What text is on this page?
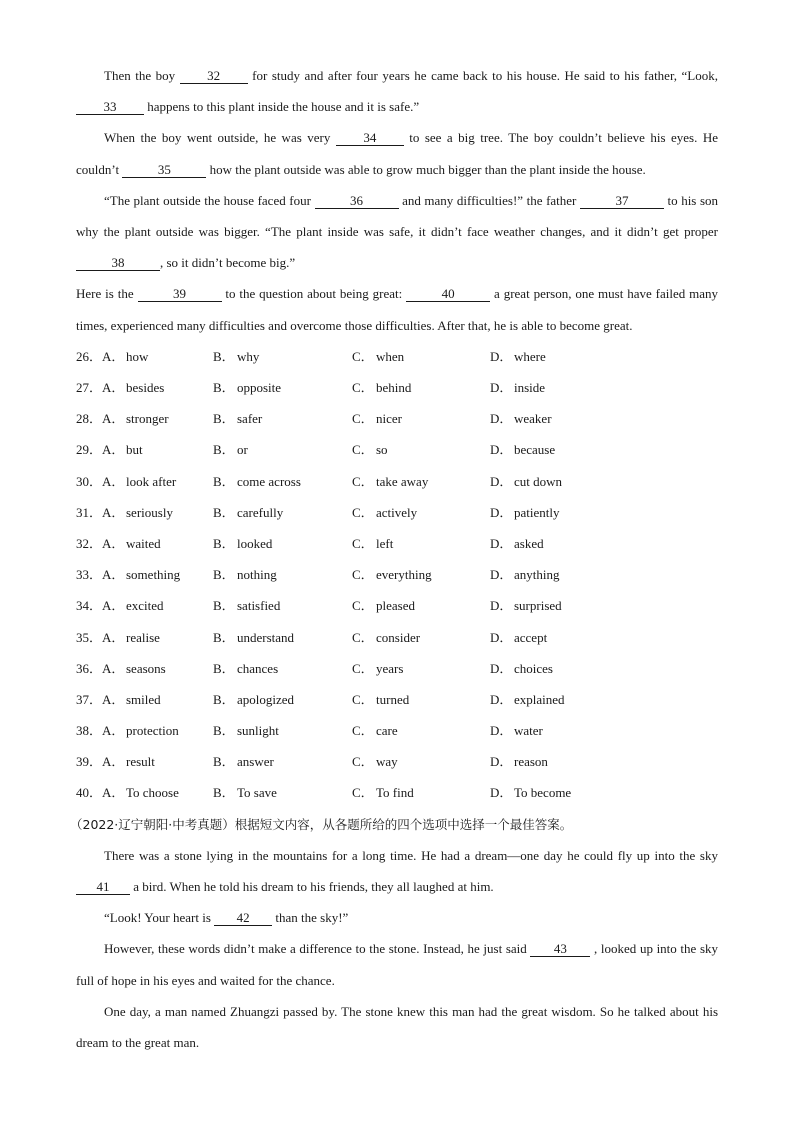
Then the boy 32 for study and after four years he came back to his house. He said to his father, “Look, 33 happens to this plant inside the house and it is safe.”

When the boy went outside, he was very 34 to see a big tree. The boy couldn’t believe his eyes. He couldn’t	35	how the plant outside was able to grow much bigger than the plant inside the house.

“The plant outside the house faced four	36	and many difficulties!” the father	37	to his son why the plant outside was bigger. “The plant inside was safe, it didn’t face weather changes, and it didn’t get proper 38	, so it didn’t become big.”

Here is the	39	to the question about being great:	40	a great person, one must have failed many times, experienced many difficulties and overcome those difficulties. After that, he is able to become great.

26． A． how	B． why	C． when	D． where
27． A． besides	B． opposite	C． behind	D． inside
28． A． stronger	B． safer	C． nicer	D． weaker
29． A． but	B． or	C． so	D． because
30． A． look after	B． come across	C． take away	D． cut down
31． A． seriously	B． carefully	C． actively	D． patiently
32． A． waited	B． looked	C． left	D． asked
33． A． something	B． nothing	C． everything	D． anything
34． A． excited	B． satisfied	C． pleased	D． surprised
35． A． realise	B． understand	C． consider	D． accept
36． A． seasons	B． chances	C． years	D． choices
37． A． smiled	B． apologized	C． turned	D． explained
38． A． protection	B． sunlight	C． care	D． water
39． A． result	B． answer	C． way	D． reason
40． A． To choose	B． To save	C． To find	D． To become

（2022·辽宁朝阳·中考真题）根据短文内容，从各题所给的四个选项中选择一个最佳答案。

There was a stone lying in the mountains for a long time. He had a dream—one day he could fly up into the sky 41 a bird. When he told his dream to his friends, they all laughed at him.

“Look! Your heart is 42 than the sky!”

However, these words didn’t make a difference to the stone. Instead, he just said 43 , looked up into the sky full of hope in his eyes and waited for the chance.

One day, a man named Zhuangzi passed by. The stone knew this man had the great wisdom. So he talked about his dream to the great man.
